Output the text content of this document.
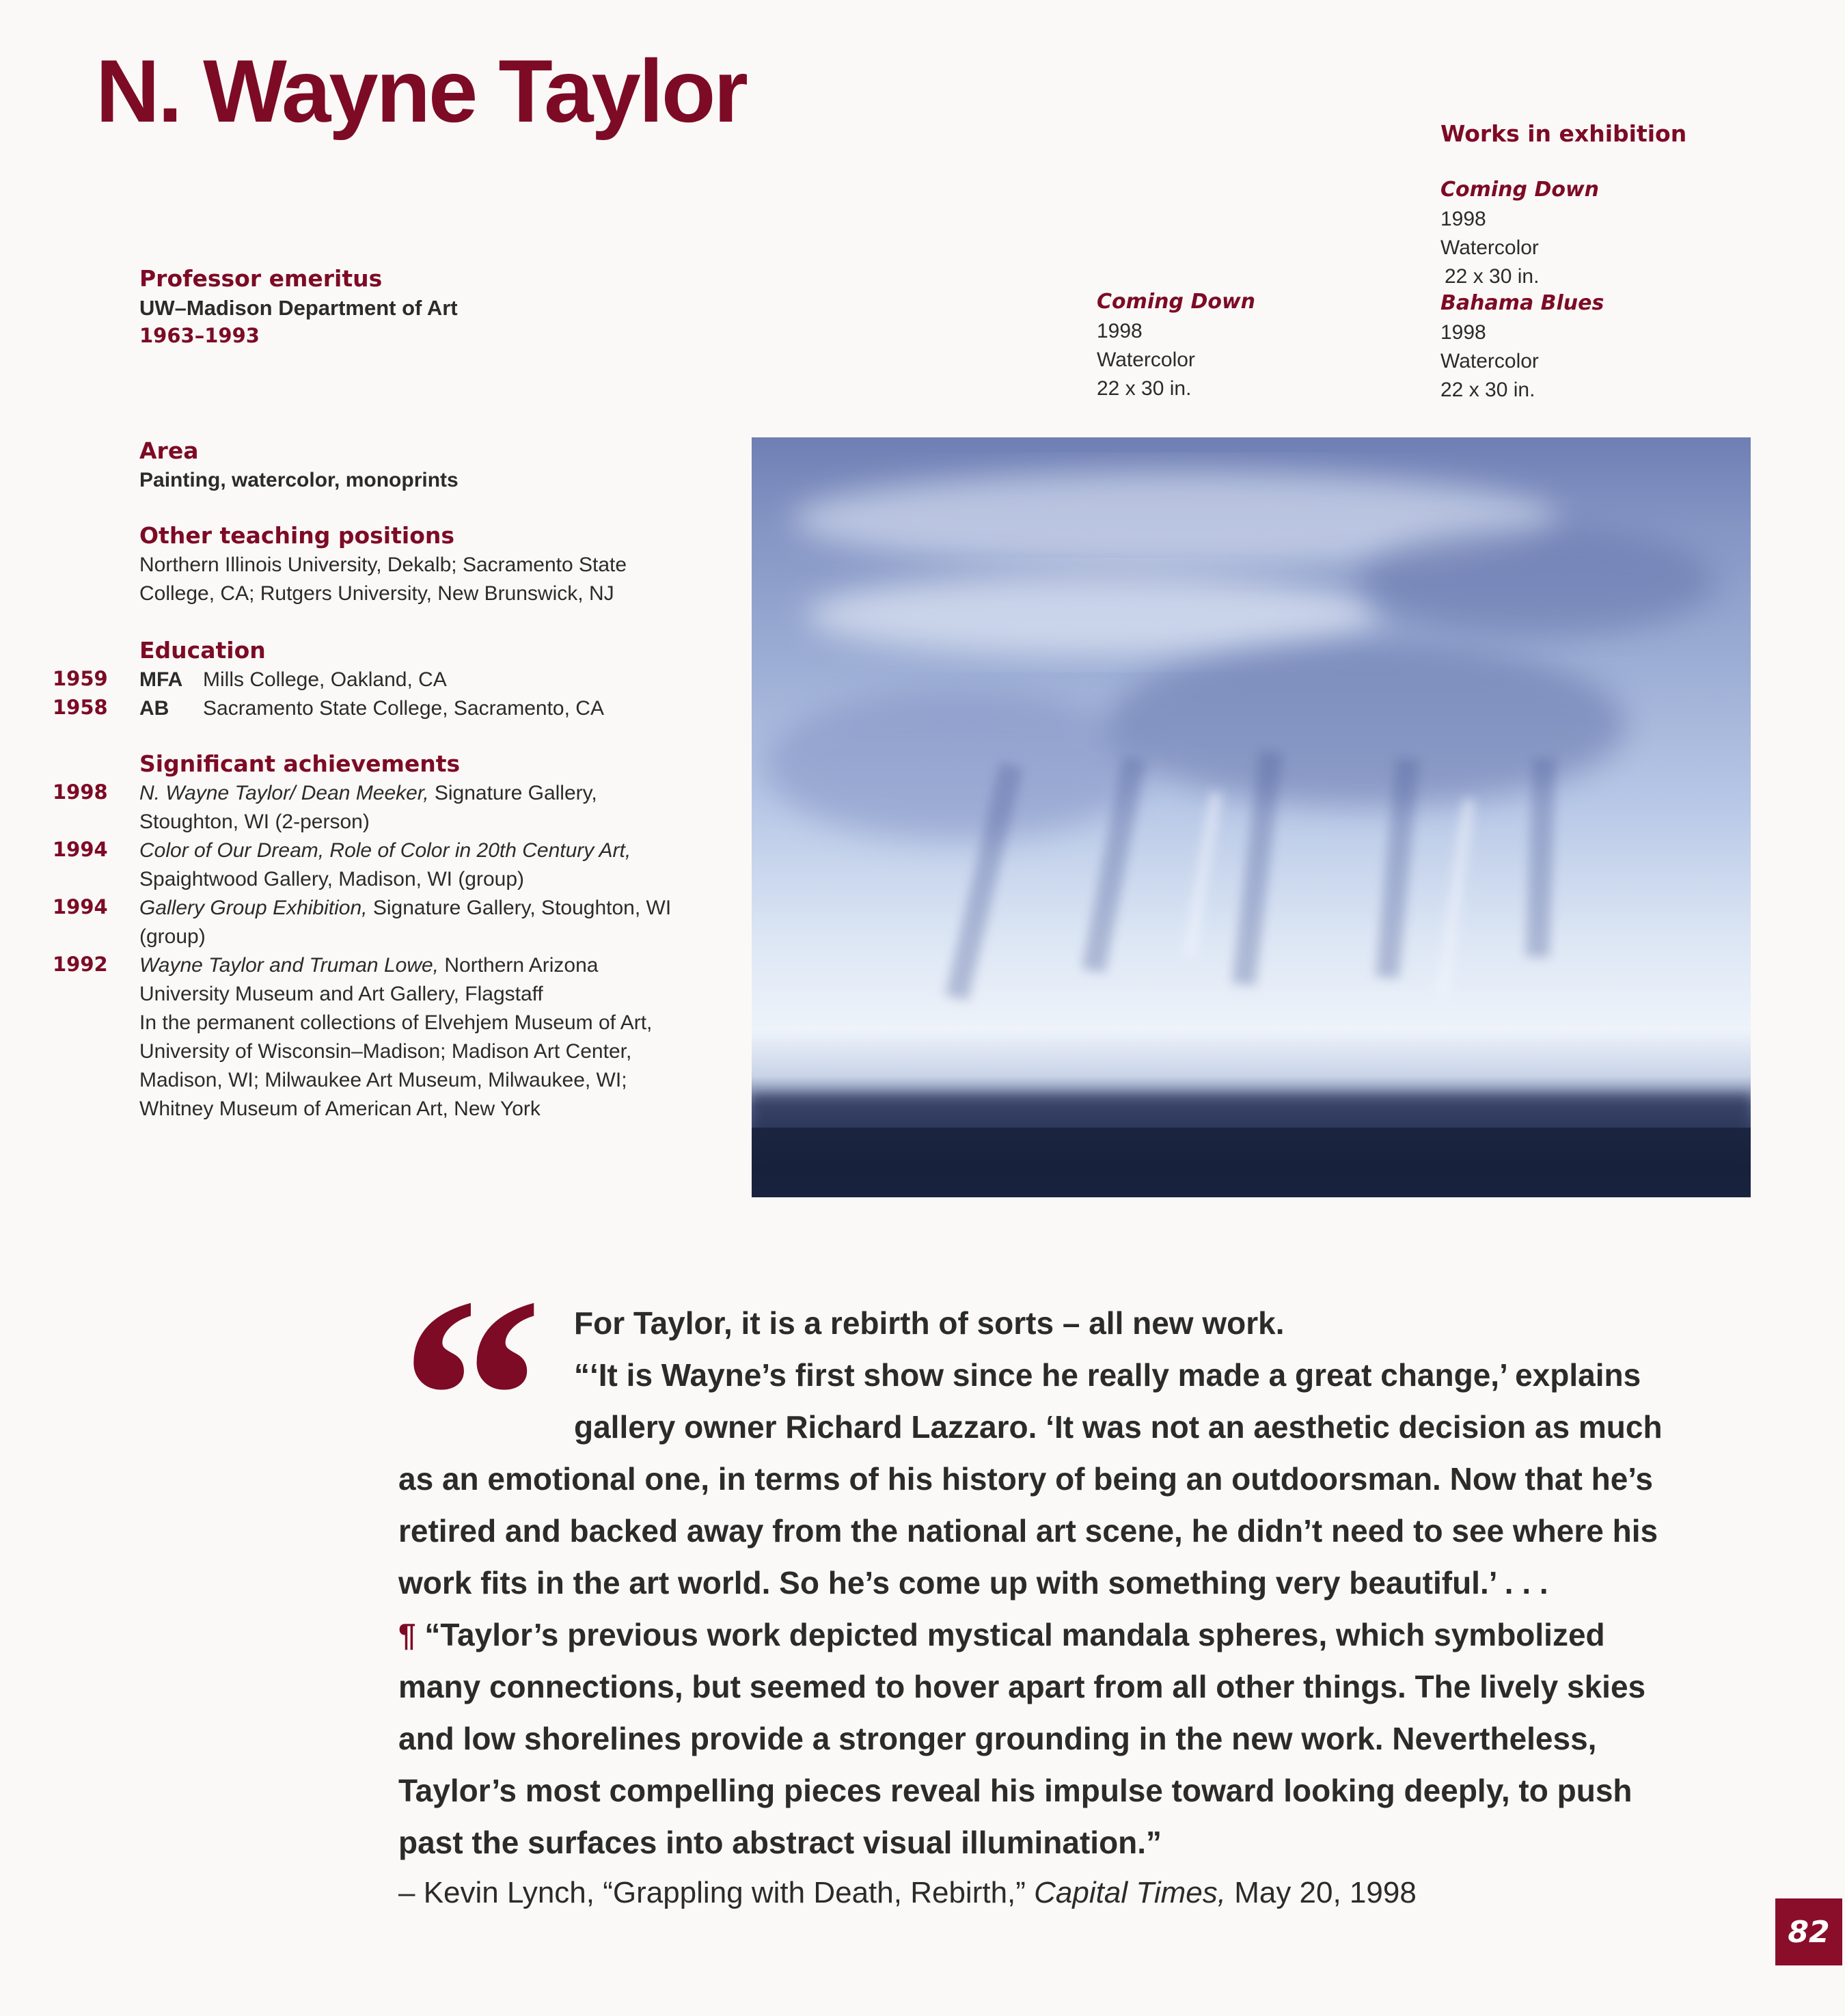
N. Wayne Taylor
Professor emeritus
UW–Madison Department of Art
1963–1993
Area
Painting, watercolor, monoprints
Other teaching positions
Northern Illinois University, Dekalb; Sacramento State
College, CA; Rutgers University, New Brunswick, NJ
Education
1959 MFA Mills College, Oakland, CA
1958 AB Sacramento State College, Sacramento, CA
Significant achievements
1998 N. Wayne Taylor/ Dean Meeker, Signature Gallery,
Stoughton, WI (2-person)
1994 Color of Our Dream, Role of Color in 20th Century Art,
Spaightwood Gallery, Madison, WI (group)
1994 Gallery Group Exhibition, Signature Gallery, Stoughton, WI
(group)
1992 Wayne Taylor and Truman Lowe, Northern Arizona
University Museum and Art Gallery, Flagstaff
In the permanent collections of Elvehjem Museum of Art,
University of Wisconsin–Madison; Madison Art Center,
Madison, WI; Milwaukee Art Museum, Milwaukee, WI;
Whitney Museum of American Art, New York
Coming Down
1998
Watercolor
22 x 30 in.
Works in exhibition
Coming Down
1998
Watercolor
22 x 30 in.
Bahama Blues
1998
Watercolor
22 x 30 in.
“ For Taylor, it is a rebirth of sorts – all new work.
“‘It is Wayne’s first show since he really made a great change,’ explains
gallery owner Richard Lazzaro. ‘It was not an aesthetic decision as much
as an emotional one, in terms of his history of being an outdoorsman. Now that he’s
retired and backed away from the national art scene, he didn’t need to see where his
work fits in the art world. So he’s come up with something very beautiful.’ . . .
¶ “Taylor’s previous work depicted mystical mandala spheres, which symbolized
many connections, but seemed to hover apart from all other things. The lively skies
and low shorelines provide a stronger grounding in the new work. Nevertheless,
Taylor’s most compelling pieces reveal his impulse toward looking deeply, to push
past the surfaces into abstract visual illumination.”
– Kevin Lynch, “Grappling with Death, Rebirth,” Capital Times, May 20, 1998
82
